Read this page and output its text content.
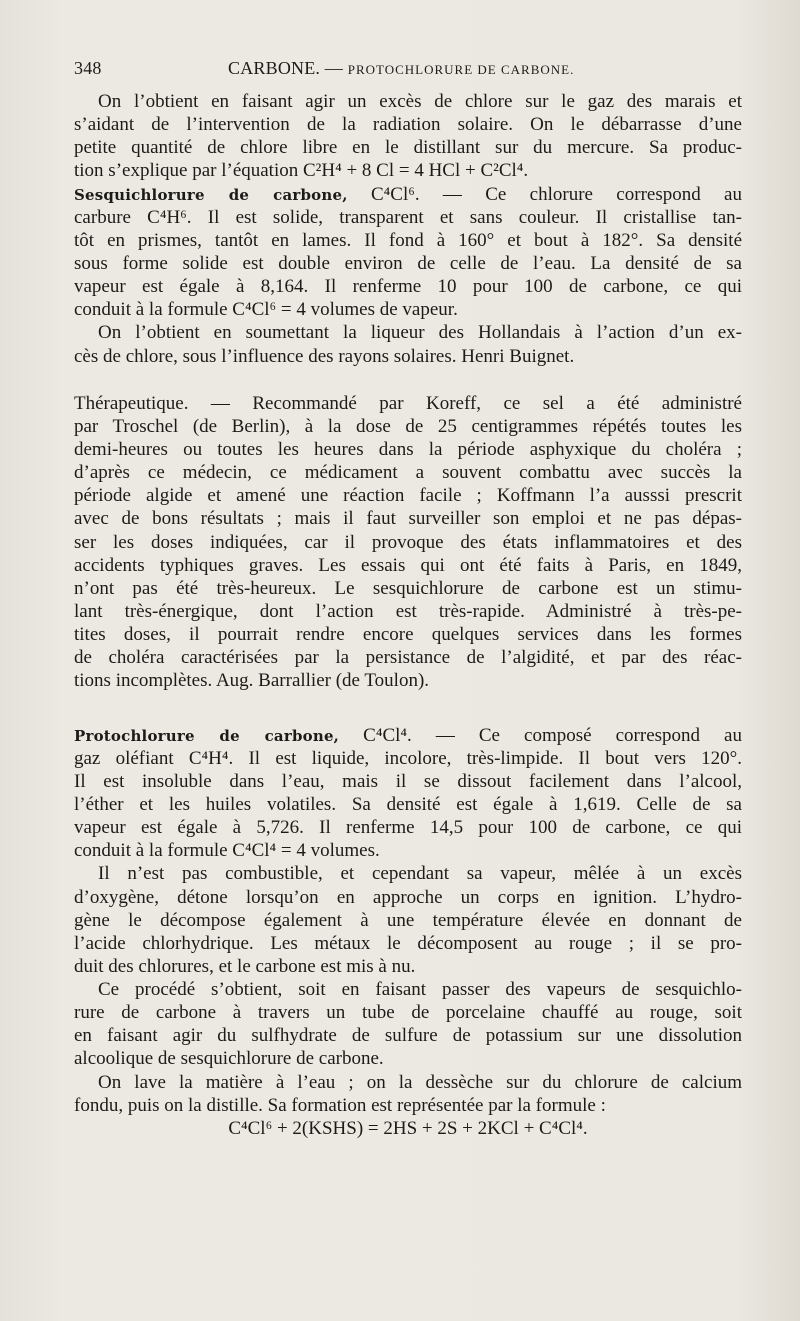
348	CARBONE. — PROTOCHLORURE DE CARBONE.
On l’obtient en faisant agir un excès de chlore sur le gaz des marais et
s’aidant de l’intervention de la radiation solaire. On le débarrasse d’une
petite quantité de chlore libre en le distillant sur du mercure. Sa produc-
tion s’explique par l’équation C²H⁴ + 8 Cl = 4 HCl + C²Cl⁴.
Sesquichlorure de carbone, C⁴Cl⁶. — Ce chlorure correspond au
carbure C⁴H⁶. Il est solide, transparent et sans couleur. Il cristallise tan-
tôt en prismes, tantôt en lames. Il fond à 160° et bout à 182°. Sa densité
sous forme solide est double environ de celle de l’eau. La densité de sa
vapeur est égale à 8,164. Il renferme 10 pour 100 de carbone, ce qui
conduit à la formule C⁴Cl⁶ = 4 volumes de vapeur.
On l’obtient en soumettant la liqueur des Hollandais à l’action d’un ex-
cès de chlore, sous l’influence des rayons solaires. Henri Buignet.
Thérapeutique. — Recommandé par Koreff, ce sel a été administré
par Troschel (de Berlin), à la dose de 25 centigrammes répétés toutes les
demi-heures ou toutes les heures dans la période asphyxique du choléra ;
d’après ce médecin, ce médicament a souvent combattu avec succès la
période algide et amené une réaction facile ; Koffmann l’a ausssi prescrit
avec de bons résultats ; mais il faut surveiller son emploi et ne pas dépas-
ser les doses indiquées, car il provoque des états inflammatoires et des
accidents typhiques graves. Les essais qui ont été faits à Paris, en 1849,
n’ont pas été très-heureux. Le sesquichlorure de carbone est un stimu-
lant très-énergique, dont l’action est très-rapide. Administré à très-pe-
tites doses, il pourrait rendre encore quelques services dans les formes
de choléra caractérisées par la persistance de l’algidité, et par des réac-
tions incomplètes. Aug. Barrallier (de Toulon).
Protochlorure de carbone, C⁴Cl⁴. — Ce composé correspond au
gaz oléfiant C⁴H⁴. Il est liquide, incolore, très-limpide. Il bout vers 120°.
Il est insoluble dans l’eau, mais il se dissout facilement dans l’alcool,
l’éther et les huiles volatiles. Sa densité est égale à 1,619. Celle de sa
vapeur est égale à 5,726. Il renferme 14,5 pour 100 de carbone, ce qui
conduit à la formule C⁴Cl⁴ = 4 volumes.
Il n’est pas combustible, et cependant sa vapeur, mêlée à un excès
d’oxygène, détone lorsqu’on en approche un corps en ignition. L’hydro-
gène le décompose également à une température élevée en donnant de
l’acide chlorhydrique. Les métaux le décomposent au rouge ; il se pro-
duit des chlorures, et le carbone est mis à nu.
Ce procédé s’obtient, soit en faisant passer des vapeurs de sesquichlo-
rure de carbone à travers un tube de porcelaine chauffé au rouge, soit
en faisant agir du sulfhydrate de sulfure de potassium sur une dissolution
alcoolique de sesquichlorure de carbone.
On lave la matière à l’eau ; on la dessèche sur du chlorure de calcium
fondu, puis on la distille. Sa formation est représentée par la formule :
C⁴Cl⁶ + 2(KSHS) = 2HS + 2S + 2KCl + C⁴Cl⁴.
